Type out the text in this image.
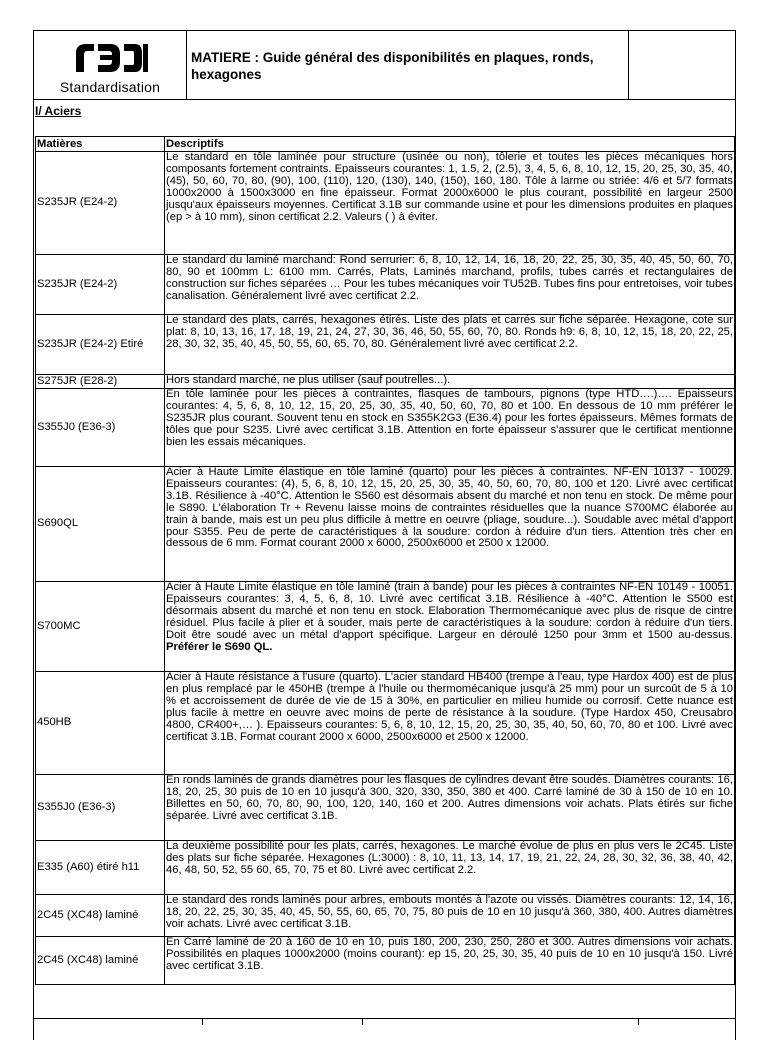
Standardisation
MATIERE : Guide général des disponibilités en plaques, ronds, hexagones
I/ Aciers
Matières	Descriptifs
S235JR (E24-2)	Le standard en tôle laminée pour structure (usinée ou non), tôlerie et toutes les pièces mécaniques hors composants fortement contraints. Epaisseurs courantes: 1, 1.5, 2, (2.5), 3, 4, 5, 6, 8, 10, 12, 15, 20, 25, 30, 35, 40, (45), 50, 60, 70, 80, (90), 100, (110), 120, (130), 140, (150), 160, 180. Tôle à larme ou striée: 4/6 et 5/7 formats 1000x2000 à 1500x3000 en fine épaisseur. Format 2000x6000 le plus courant, possibilité en largeur 2500 jusqu'aux épaisseurs moyennes. Certificat 3.1B sur commande usine et pour les dimensions produites en plaques (ep > à 10 mm), sinon certificat 2.2. Valeurs ( ) à éviter.
S235JR (E24-2)	Le standard du laminé marchand: Rond serrurier: 6, 8, 10, 12, 14, 16, 18, 20, 22, 25, 30, 35, 40, 45, 50, 60, 70, 80, 90 et 100mm L: 6100 mm. Carrés, Plats, Laminés marchand, profils, tubes carrés et rectangulaires de construction sur fiches séparées … Pour les tubes mécaniques voir TU52B. Tubes fins pour entretoises, voir tubes canalisation. Généralement livré avec certificat 2.2.
S235JR (E24-2) Etiré	Le standard des plats, carrés, hexagones étirés. Liste des plats et carrés sur fiche séparée. Hexagone, cote sur plat: 8, 10, 13, 16, 17, 18, 19, 21, 24, 27, 30, 36, 46, 50, 55, 60, 70, 80. Ronds h9: 6, 8, 10, 12, 15, 18, 20, 22, 25, 28, 30, 32, 35, 40, 45, 50, 55, 60, 65, 70, 80. Généralement livré avec certificat 2.2.
S275JR (E28-2)	Hors standard marché, ne plus utiliser (sauf poutrelles...).
S355J0 (E36-3)	En tôle laminée pour les pièces à contraintes, flasques de tambours, pignons (type HTD….)…. Epaisseurs courantes: 4, 5, 6, 8, 10, 12, 15, 20, 25, 30, 35, 40, 50, 60, 70, 80 et 100. En dessous de 10 mm préférer le S235JR plus courant. Souvent tenu en stock en S355K2G3 (E36.4) pour les fortes épaisseurs. Mêmes formats de tôles que pour S235. Livré avec certificat 3.1B. Attention en forte épaisseur s'assurer que le certificat mentionne bien les essais mécaniques.
S690QL	Acier à Haute Limite élastique en tôle laminé (quarto) pour les pièces à contraintes. NF-EN 10137 - 10029. Epaisseurs courantes: (4), 5, 6, 8, 10, 12, 15, 20, 25, 30, 35, 40, 50, 60, 70, 80, 100 et 120. Livré avec certificat 3.1B. Résilience à -40°C. Attention le S560 est désormais absent du marché et non tenu en stock. De même pour le S890. L'élaboration Tr + Revenu laisse moins de contraintes résiduelles que la nuance S700MC élaborée au train à bande, mais est un peu plus difficile à mettre en oeuvre (pliage, soudure...). Soudable avec métal d'apport pour S355. Peu de perte de caractéristiques à la soudure: cordon à réduire d'un tiers. Attention très cher en dessous de 6 mm. Format courant 2000 x 6000, 2500x6000 et 2500 x 12000.
S700MC	Acier à Haute Limite élastique en tôle laminé (train à bande) pour les pièces à contraintes NF-EN 10149 - 10051. Epaisseurs courantes: 3, 4, 5, 6, 8, 10. Livré avec certificat 3.1B. Résilience à -40°C. Attention le S500 est désormais absent du marché et non tenu en stock. Elaboration Thermomécanique avec plus de risque de cintre résiduel. Plus facile à plier et à souder, mais perte de caractéristiques à la soudure: cordon à réduire d'un tiers. Doit être soudé avec un métal d'apport spécifique. Largeur en déroulé 1250 pour 3mm et 1500 au-dessus. Préférer le S690 QL.
450HB	Acier à Haute résistance à l'usure (quarto). L'acier standard HB400 (trempe à l'eau, type Hardox 400) est de plus en plus remplacé par le 450HB (trempe à l'huile ou thermomécanique jusqu'à 25 mm) pour un surcoût de 5 à 10 % et accroissement de durée de vie de 15 à 30%, en particulier en milieu humide ou corrosif. Cette nuance est plus facile à mettre en oeuvre avec moins de perte de résistance à la soudure. (Type Hardox 450, Creusabro 4800, CR400+,… ). Epaisseurs courantes: 5, 6, 8, 10, 12, 15, 20, 25, 30, 35, 40, 50, 60, 70, 80 et 100. Livré avec certificat 3.1B. Format courant 2000 x 6000, 2500x6000 et 2500 x 12000.
S355J0 (E36-3)	En ronds laminés de grands diamètres pour les flasques de cylindres devant être soudés. Diamètres courants: 16, 18, 20, 25, 30 puis de 10 en 10 jusqu'à 300, 320, 330, 350, 380 et 400. Carré laminé de 30 à 150 de 10 en 10. Billettes en 50, 60, 70, 80, 90, 100, 120, 140, 160 et 200. Autres dimensions voir achats. Plats étirés sur fiche séparée. Livré avec certificat 3.1B.
E335 (A60) étiré h11	La deuxième possibilité pour les plats, carrés, hexagones. Le marché évolue de plus en plus vers le 2C45. Liste des plats sur fiche séparée. Hexagones (L:3000) : 8, 10, 11, 13, 14, 17, 19, 21, 22, 24, 28, 30, 32, 36, 38, 40, 42, 46, 48, 50, 52, 55 60, 65, 70, 75 et 80. Livré avec certificat 2.2.
2C45 (XC48) laminé	Le standard des ronds laminés pour arbres, embouts montés à l'azote ou vissés. Diamètres courants: 12, 14, 16, 18, 20, 22, 25, 30, 35, 40, 45, 50, 55, 60, 65, 70, 75, 80 puis de 10 en 10 jusqu'à 360, 380, 400. Autres diamètres voir achats. Livré avec certificat 3.1B.
2C45 (XC48) laminé	En Carré laminé de 20 à 160 de 10 en 10, puis 180, 200, 230, 250, 280 et 300. Autres dimensions voir achats. Possibilités en plaques 1000x2000 (moins courant): ep 15, 20, 25, 30, 35, 40 puis de 10 en 10 jusqu'à 150. Livré avec certificat 3.1B.
